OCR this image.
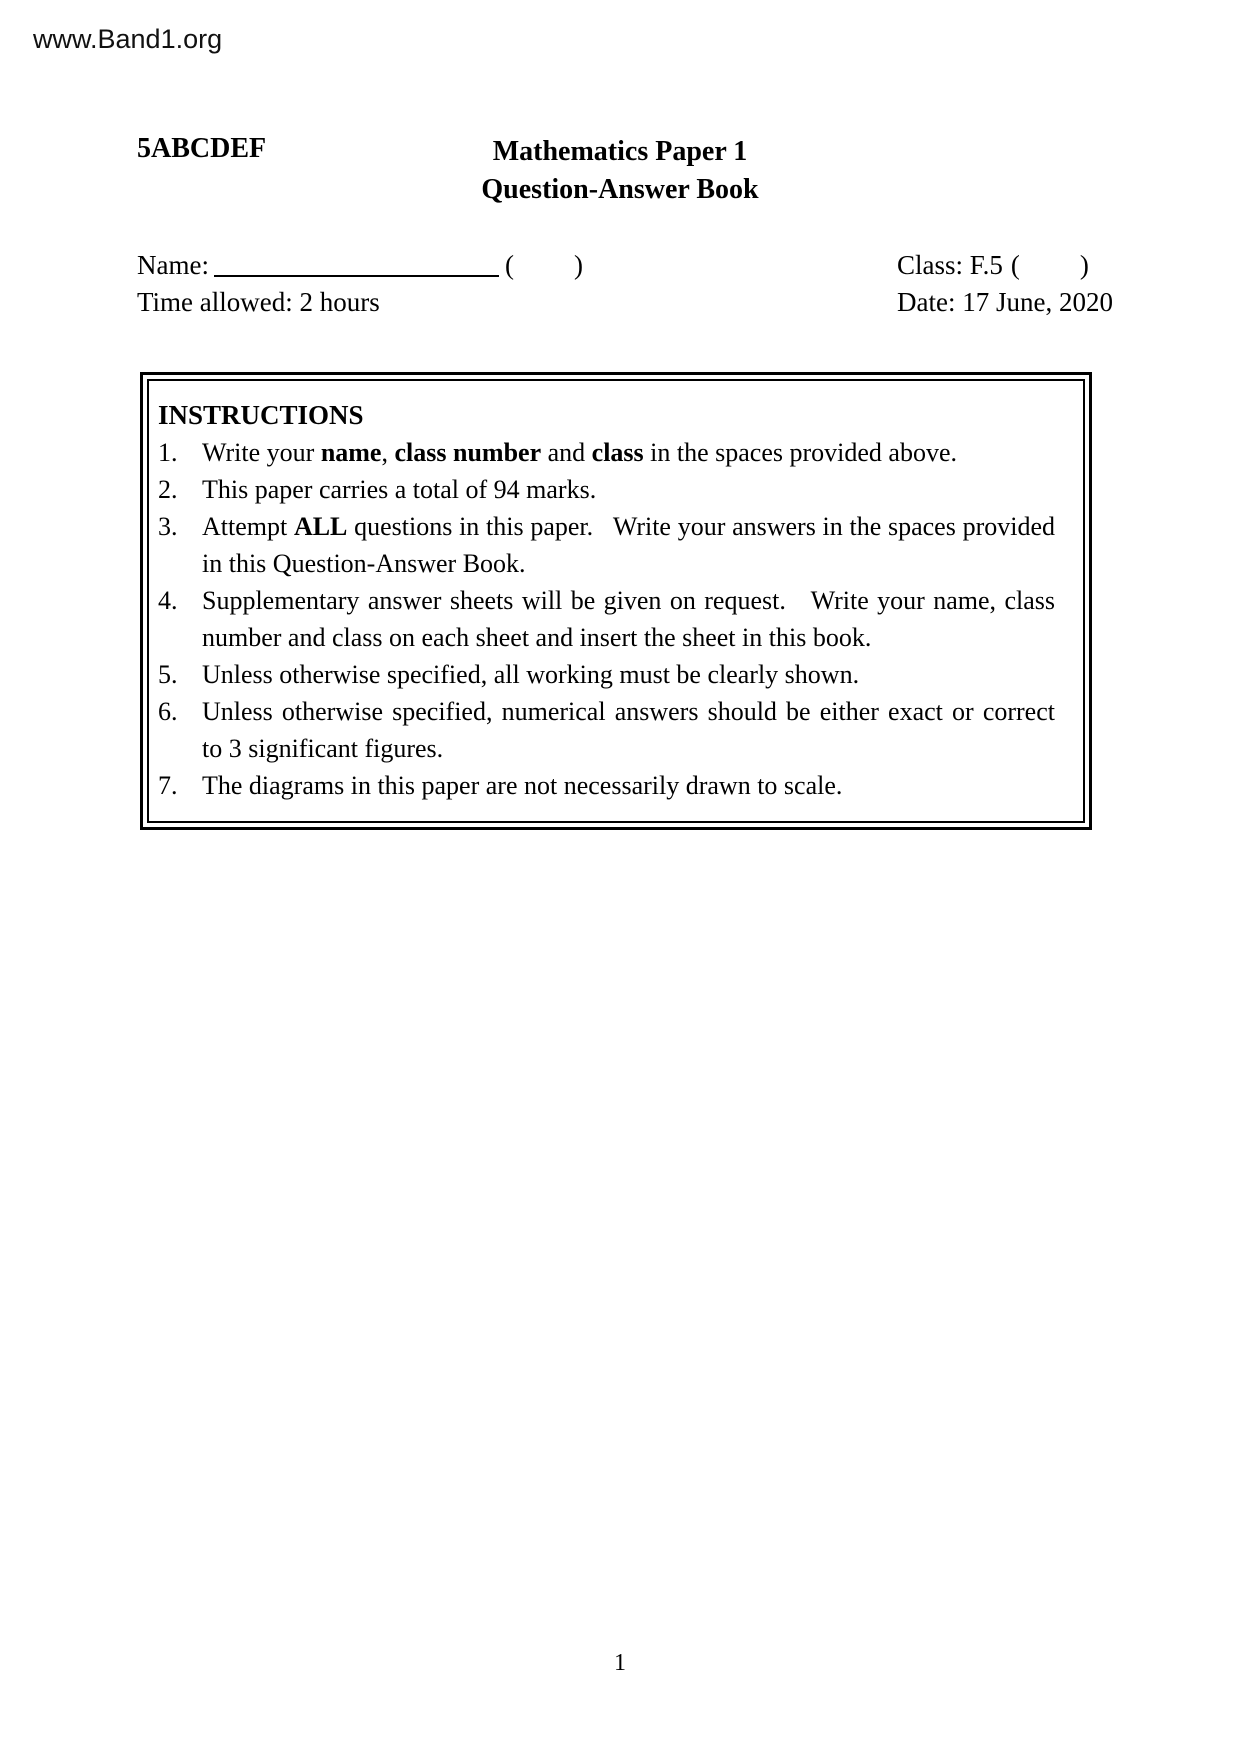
www.Band1.org
5ABCDEF	Mathematics Paper 1
Question-Answer Book
Name:	( )
Time allowed: 2 hours
Class: F.5 ( )
Date: 17 June, 2020
INSTRUCTIONS
1. Write your name, class number and class in the spaces provided above.
2. This paper carries a total of 94 marks.
3. Attempt ALL questions in this paper.   Write your answers in the spaces provided in this Question-Answer Book.
4. Supplementary answer sheets will be given on request.   Write your name, class number and class on each sheet and insert the sheet in this book.
5. Unless otherwise specified, all working must be clearly shown.
6. Unless otherwise specified, numerical answers should be either exact or correct to 3 significant figures.
7. The diagrams in this paper are not necessarily drawn to scale.
1
